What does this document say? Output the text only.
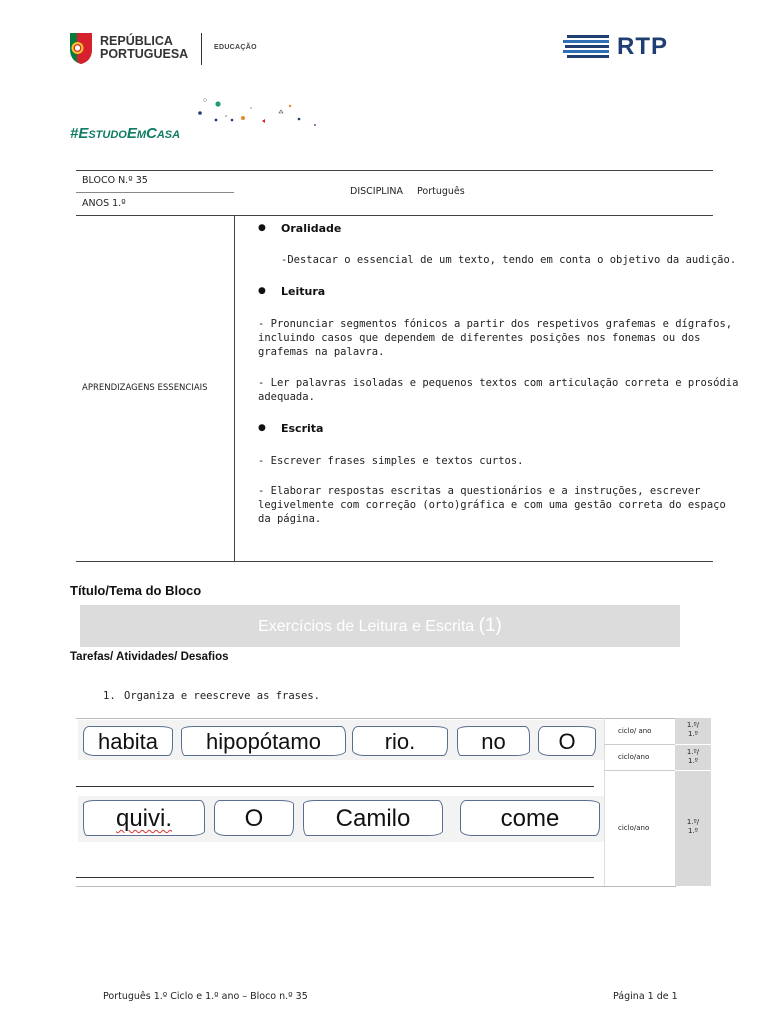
REPÚBLICA
PORTUGUESA	EDUCAÇÃO	RTP
#EstudoEmCasa
BLOCO N.º 35
ANOS 1.º
DISCIPLINA Português
APRENDIZAGENS ESSENCIAIS
● Oralidade
-Destacar o essencial de um texto, tendo em conta o objetivo da audição.
● Leitura
- Pronunciar segmentos fónicos a partir dos respetivos grafemas e dígrafos,
incluindo casos que dependem de diferentes posições nos fonemas ou dos
grafemas na palavra.
- Ler palavras isoladas e pequenos textos com articulação correta e prosódia
adequada.
● Escrita
- Escrever frases simples e textos curtos.
- Elaborar respostas escritas a questionários e a instruções, escrever
legivelmente com correção (orto)gráfica e com uma gestão correta do espaço
da página.
Título/Tema do Bloco
Exercícios de Leitura e Escrita (1)
Tarefas/ Atividades/ Desafios
1. Organiza e reescreve as frases.
habita	hipopótamo	rio.	no	O
quivi.	O	Camilo	come
ciclo/ ano
1.º/
1.º
ciclo/ano
1.º/
1.º
ciclo/ano
1.º/
1.º
Português 1.º Ciclo e 1.º ano – Bloco n.º 35	Página 1 de 1
